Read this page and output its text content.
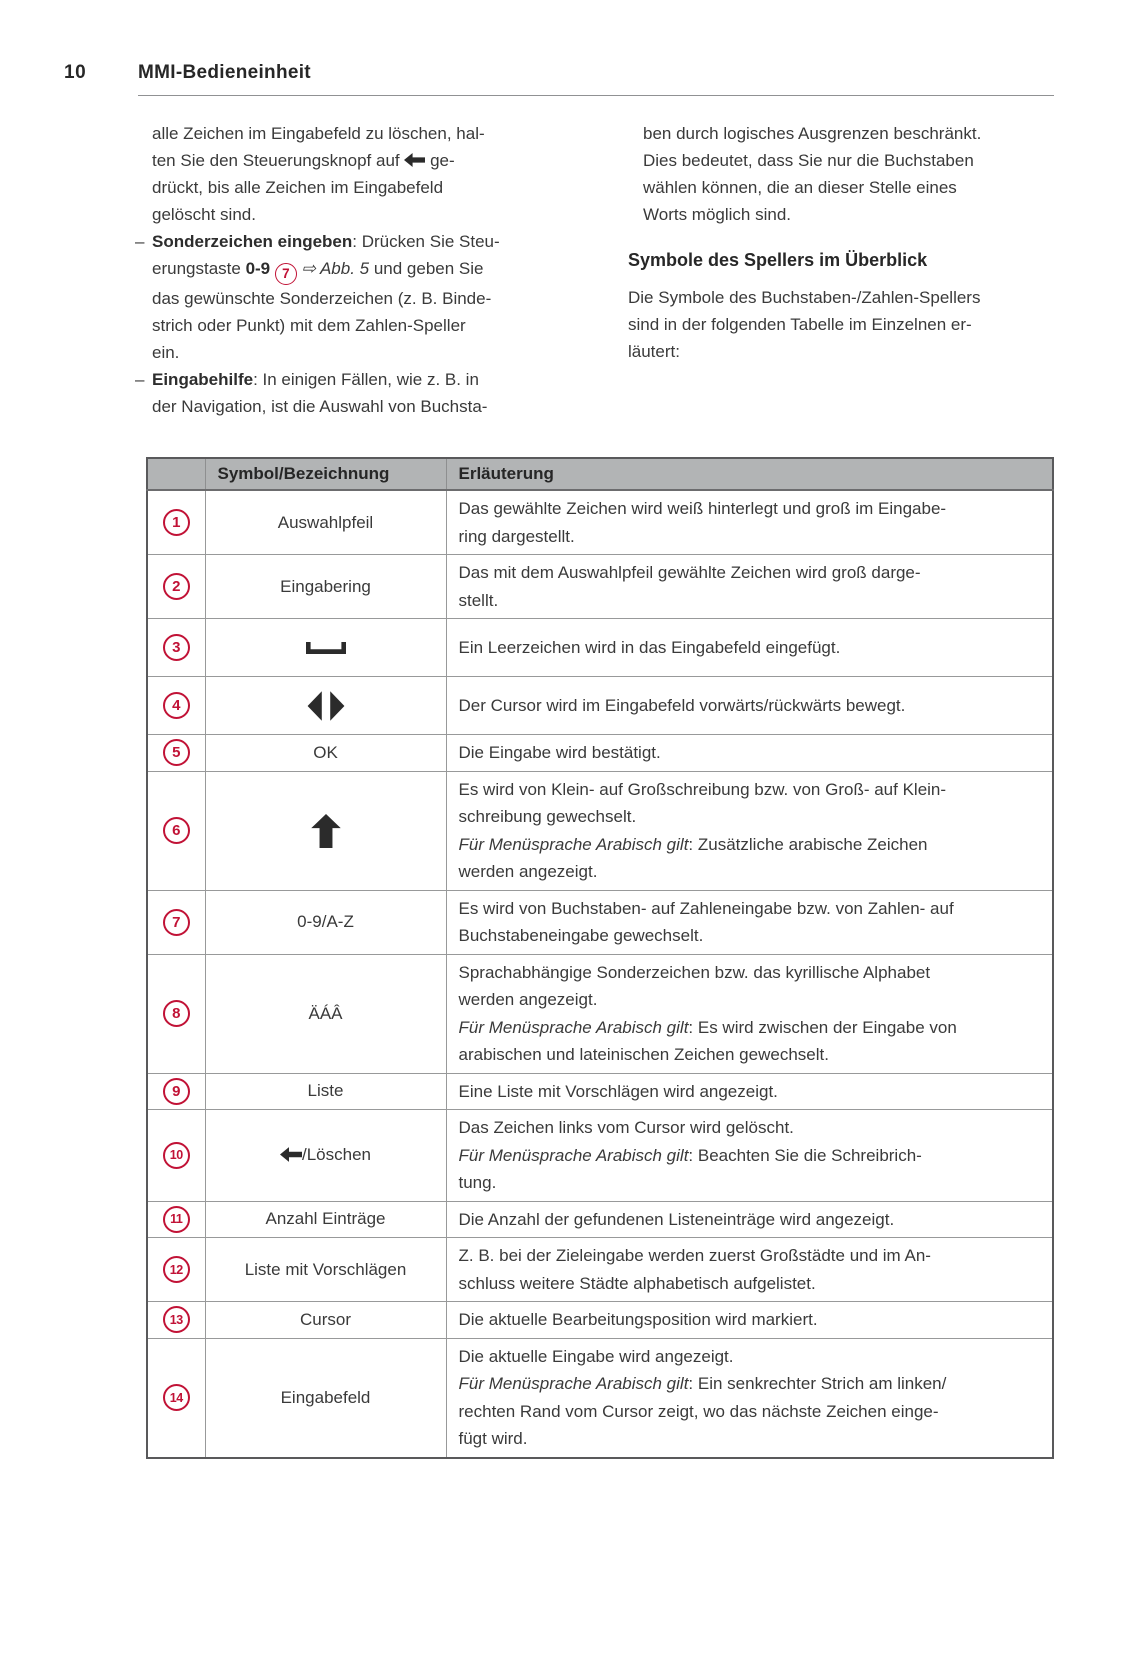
10	MMI-Bedieneinheit
alle Zeichen im Eingabefeld zu löschen, hal-
ten Sie den Steuerungsknopf auf  ge-
drückt, bis alle Zeichen im Eingabefeld
gelöscht sind.
– Sonderzeichen eingeben: Drücken Sie Steu-
erungstaste 0-9 7 ⇨ Abb. 5 und geben Sie
das gewünschte Sonderzeichen (z. B. Binde-
strich oder Punkt) mit dem Zahlen-Speller
ein.
– Eingabehilfe: In einigen Fällen, wie z. B. in
der Navigation, ist die Auswahl von Buchsta-
ben durch logisches Ausgrenzen beschränkt.
Dies bedeutet, dass Sie nur die Buchstaben
wählen können, die an dieser Stelle eines
Worts möglich sind.
Symbole des Spellers im Überblick
Die Symbole des Buchstaben-/Zahlen-Spellers
sind in der folgenden Tabelle im Einzelnen er-
läutert:
	Symbol/Bezeichnung	Erläuterung
1	Auswahlpfeil	Das gewählte Zeichen wird weiß hinterlegt und groß im Eingabe-
ring dargestellt.

2	Eingabering	Das mit dem Auswahlpfeil gewählte Zeichen wird groß darge-
stellt.

3		Ein Leerzeichen wird in das Eingabefeld eingefügt.

4		Der Cursor wird im Eingabefeld vorwärts/rückwärts bewegt.

5	OK	Die Eingabe wird bestätigt.

6		Es wird von Klein- auf Großschreibung bzw. von Groß- auf Klein-
schreibung gewechselt.
Für Menüsprache Arabisch gilt: Zusätzliche arabische Zeichen
werden angezeigt.

7	0-9/A-Z	Es wird von Buchstaben- auf Zahleneingabe bzw. von Zahlen- auf
Buchstabeneingabe gewechselt.

8	ÄÁÂ	Sprachabhängige Sonderzeichen bzw. das kyrillische Alphabet
werden angezeigt.
Für Menüsprache Arabisch gilt: Es wird zwischen der Eingabe von
arabischen und lateinischen Zeichen gewechselt.

9	Liste	Eine Liste mit Vorschlägen wird angezeigt.

10	/Löschen	Das Zeichen links vom Cursor wird gelöscht.
Für Menüsprache Arabisch gilt: Beachten Sie die Schreibrich-
tung.

11	Anzahl Einträge	Die Anzahl der gefundenen Listeneinträge wird angezeigt.

12	Liste mit Vorschlägen	Z. B. bei der Zieleingabe werden zuerst Großstädte und im An-
schluss weitere Städte alphabetisch aufgelistet.

13	Cursor	Die aktuelle Bearbeitungsposition wird markiert.

14	Eingabefeld	Die aktuelle Eingabe wird angezeigt.
Für Menüsprache Arabisch gilt: Ein senkrechter Strich am linken/
rechten Rand vom Cursor zeigt, wo das nächste Zeichen einge-
fügt wird.
